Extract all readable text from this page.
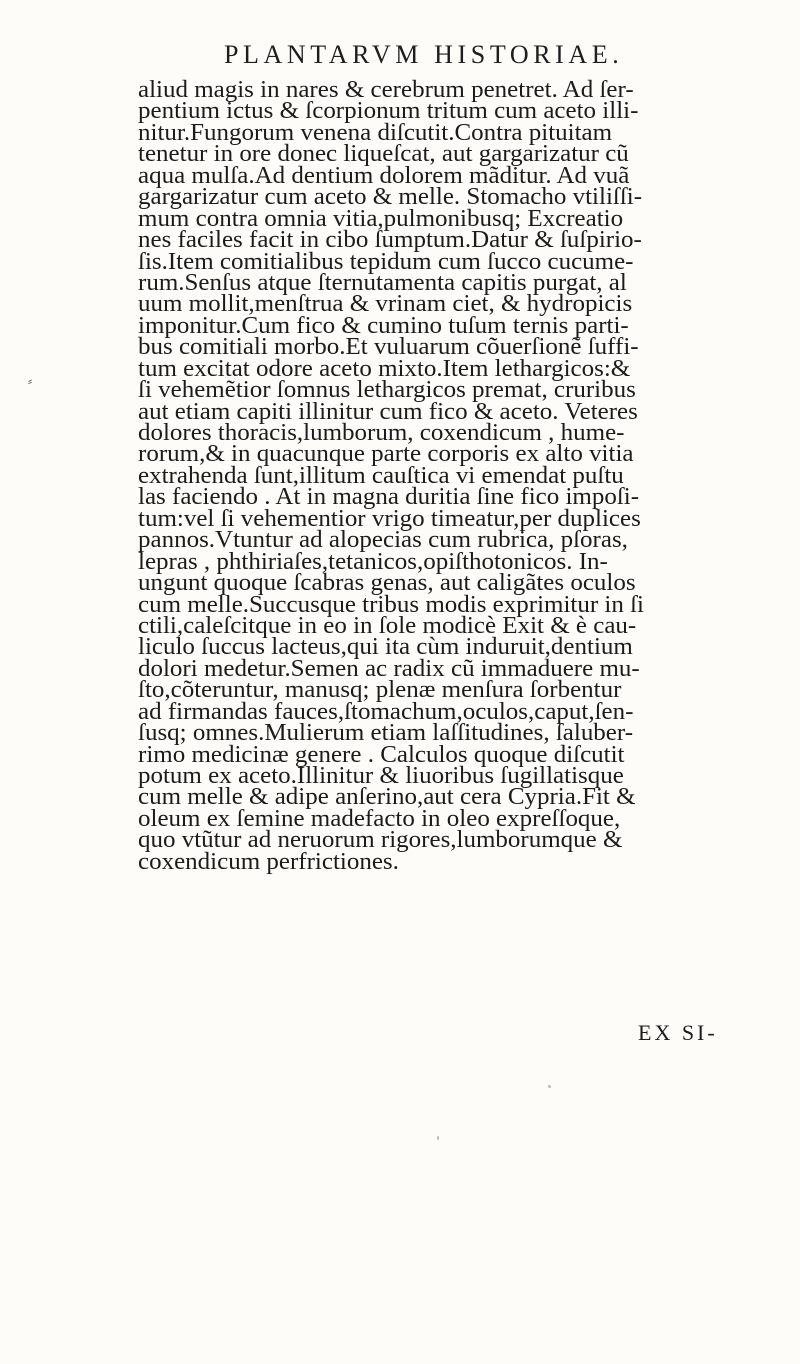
PLANTARVM HISTORIAE.
aliud magis in nares & cerebrum penetret. Ad ſer-
pentium ictus & ſcorpionum tritum cum aceto illi-
nitur.Fungorum venena diſcutit.Contra pituitam
tenetur in ore donec liqueſcat, aut gargarizatur cũ
aqua mulſa.Ad dentium dolorem mãditur. Ad vuã
gargarizatur cum aceto & melle. Stomacho vtiliſſi-
mum contra omnia vitia,pulmonibusq; Excreatio
nes faciles facit in cibo ſumptum.Datur & ſuſpirio-
ſis.Item comitialibus tepidum cum ſucco cucume-
rum.Senſus atque ſternutamenta capitis purgat, al
uum mollit,menſtrua & vrinam ciet, & hydropicis
imponitur.Cum fico & cumino tuſum ternis parti-
bus comitiali morbo.Et vuluarum cõuerſionẽ ſuffi-
tum excitat odore aceto mixto.Item lethargicos:&
ſi vehemẽtior ſomnus lethargicos premat, cruribus
aut etiam capiti illinitur cum fico & aceto. Veteres
dolores thoracis,lumborum, coxendicum , hume-
rorum,& in quacunque parte corporis ex alto vitia
extrahenda ſunt,illitum cauſtica vi emendat puſtu
las faciendo . At in magna duritia ſine fico impoſi-
tum:vel ſi vehementior vrigo timeatur,per duplices
pannos.Vtuntur ad alopecias cum rubrica, pſoras,
lepras , phthiriaſes,tetanicos,opiſthotonicos. In-
ungunt quoque ſcabras genas, aut caligãtes oculos
cum melle.Succusque tribus modis exprimitur in ſi
ctili,caleſcitque in eo in ſole modicè Exit & è cau-
liculo ſuccus lacteus,qui ita cùm induruit,dentium
dolori medetur.Semen ac radix cũ immaduere mu-
ſto,cõteruntur, manusq; plenæ menſura ſorbentur
ad firmandas fauces,ſtomachum,oculos,caput,ſen-
ſusq; omnes.Mulierum etiam laſſitudines, ſaluber-
rimo medicinæ genere . Calculos quoque diſcutit
potum ex aceto.Illinitur & liuoribus ſugillatisque
cum melle & adipe anſerino,aut cera Cypria.Fit &
oleum ex ſemine madefacto in oleo expreſſoque,
quo vtũtur ad neruorum rigores,lumborumque &
coxendicum perfrictiones.
EX SI-
⸗
